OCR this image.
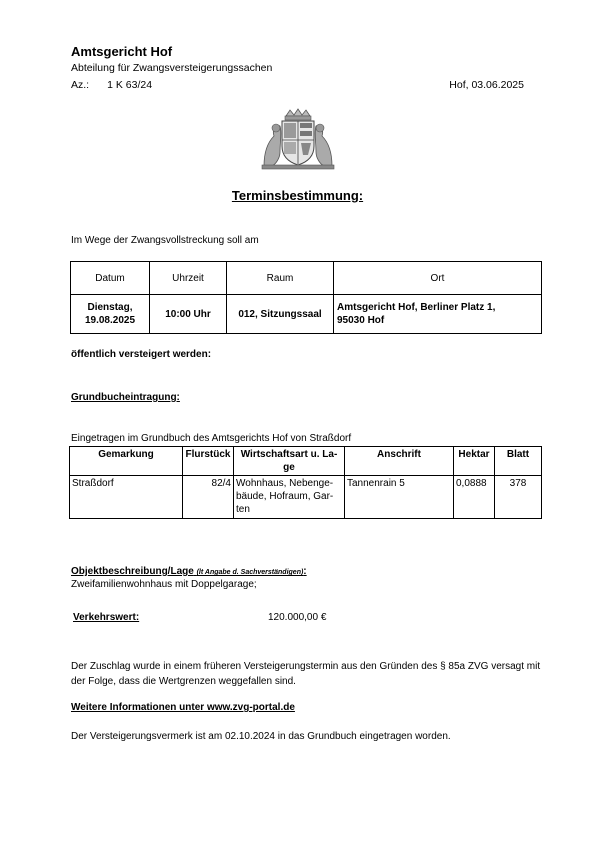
Amtsgericht Hof
Abteilung für Zwangsversteigerungssachen
Az.: 1 K 63/24	Hof, 03.06.2025
Terminsbestimmung:
Im Wege der Zwangsvollstreckung soll am
Datum	Uhrzeit	Raum	Ort
Dienstag,
19.08.2025	10:00 Uhr	012, Sitzungssaal	Amtsgericht Hof, Berliner Platz 1,
95030 Hof
öffentlich versteigert werden:
Grundbucheintragung:
Eingetragen im Grundbuch des Amtsgerichts Hof von Straßdorf
Gemarkung	Flurstück	Wirtschaftsart u. La-ge	Anschrift	Hektar	Blatt
Straßdorf	82/4	Wohnhaus, Nebenge-bäude, Hofraum, Gar-ten	Tannenrain 5	0,0888	378
Objektbeschreibung/Lage (lt Angabe d. Sachverständigen):
Zweifamilienwohnhaus mit Doppelgarage;
Verkehrswert:	120.000,00 €
Der Zuschlag wurde in einem früheren Versteigerungstermin aus den Gründen des § 85a ZVG versagt mit der Folge, dass die Wertgrenzen weggefallen sind.
Weitere Informationen unter www.zvg-portal.de
Der Versteigerungsvermerk ist am 02.10.2024 in das Grundbuch eingetragen worden.
